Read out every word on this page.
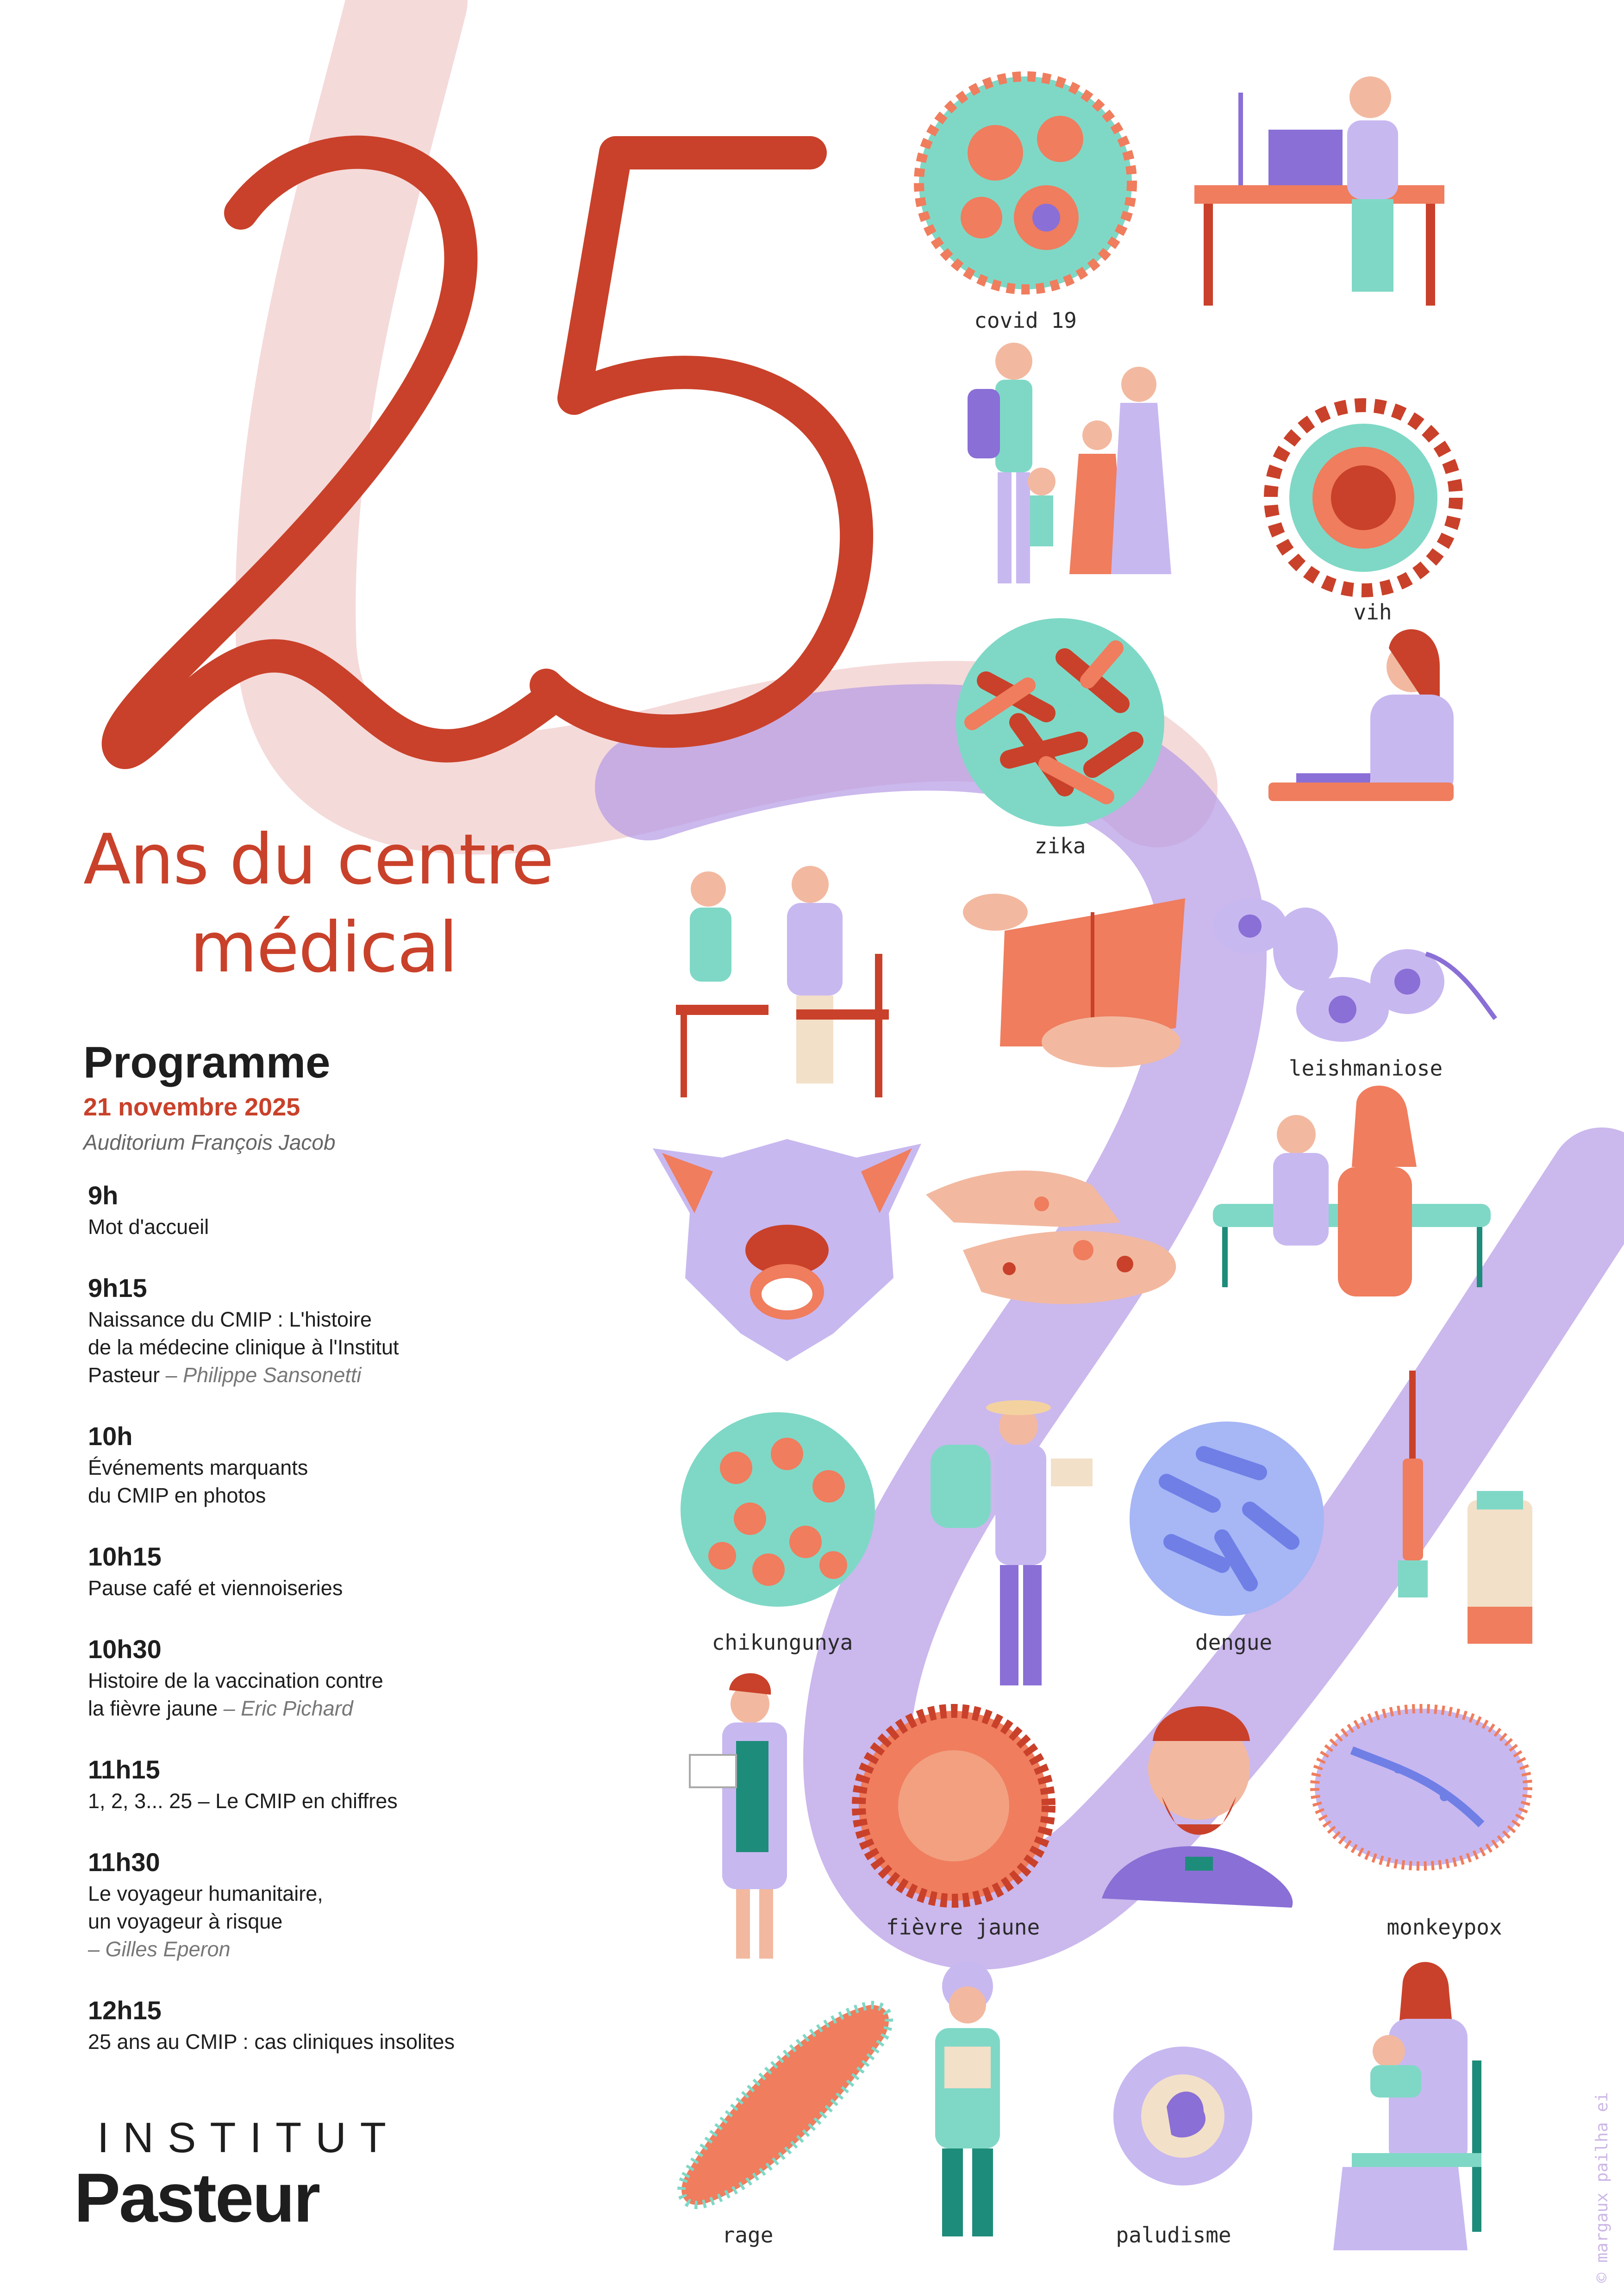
Ans du centre
médical
Programme
21 novembre 2025
Auditorium François Jacob
9h
Mot d'accueil
9h15
Naissance du CMIP : L'histoire
de la médecine clinique à l'Institut
Pasteur – Philippe Sansonetti
10h
Événements marquants
du CMIP en photos
10h15
Pause café et viennoiseries
10h30
Histoire de la vaccination contre
la fièvre jaune – Eric Pichard
11h15
1, 2, 3... 25 – Le CMIP en chiffres
11h30
Le voyageur humanitaire,
un voyageur à risque
– Gilles Eperon
12h15
25 ans au CMIP : cas cliniques insolites
INSTITUT
Pasteur
covid 19
vih
zika
leishmaniose
chikungunya	dengue
fièvre jaune	monkeypox
rage	paludisme	© margaux pailha ei
